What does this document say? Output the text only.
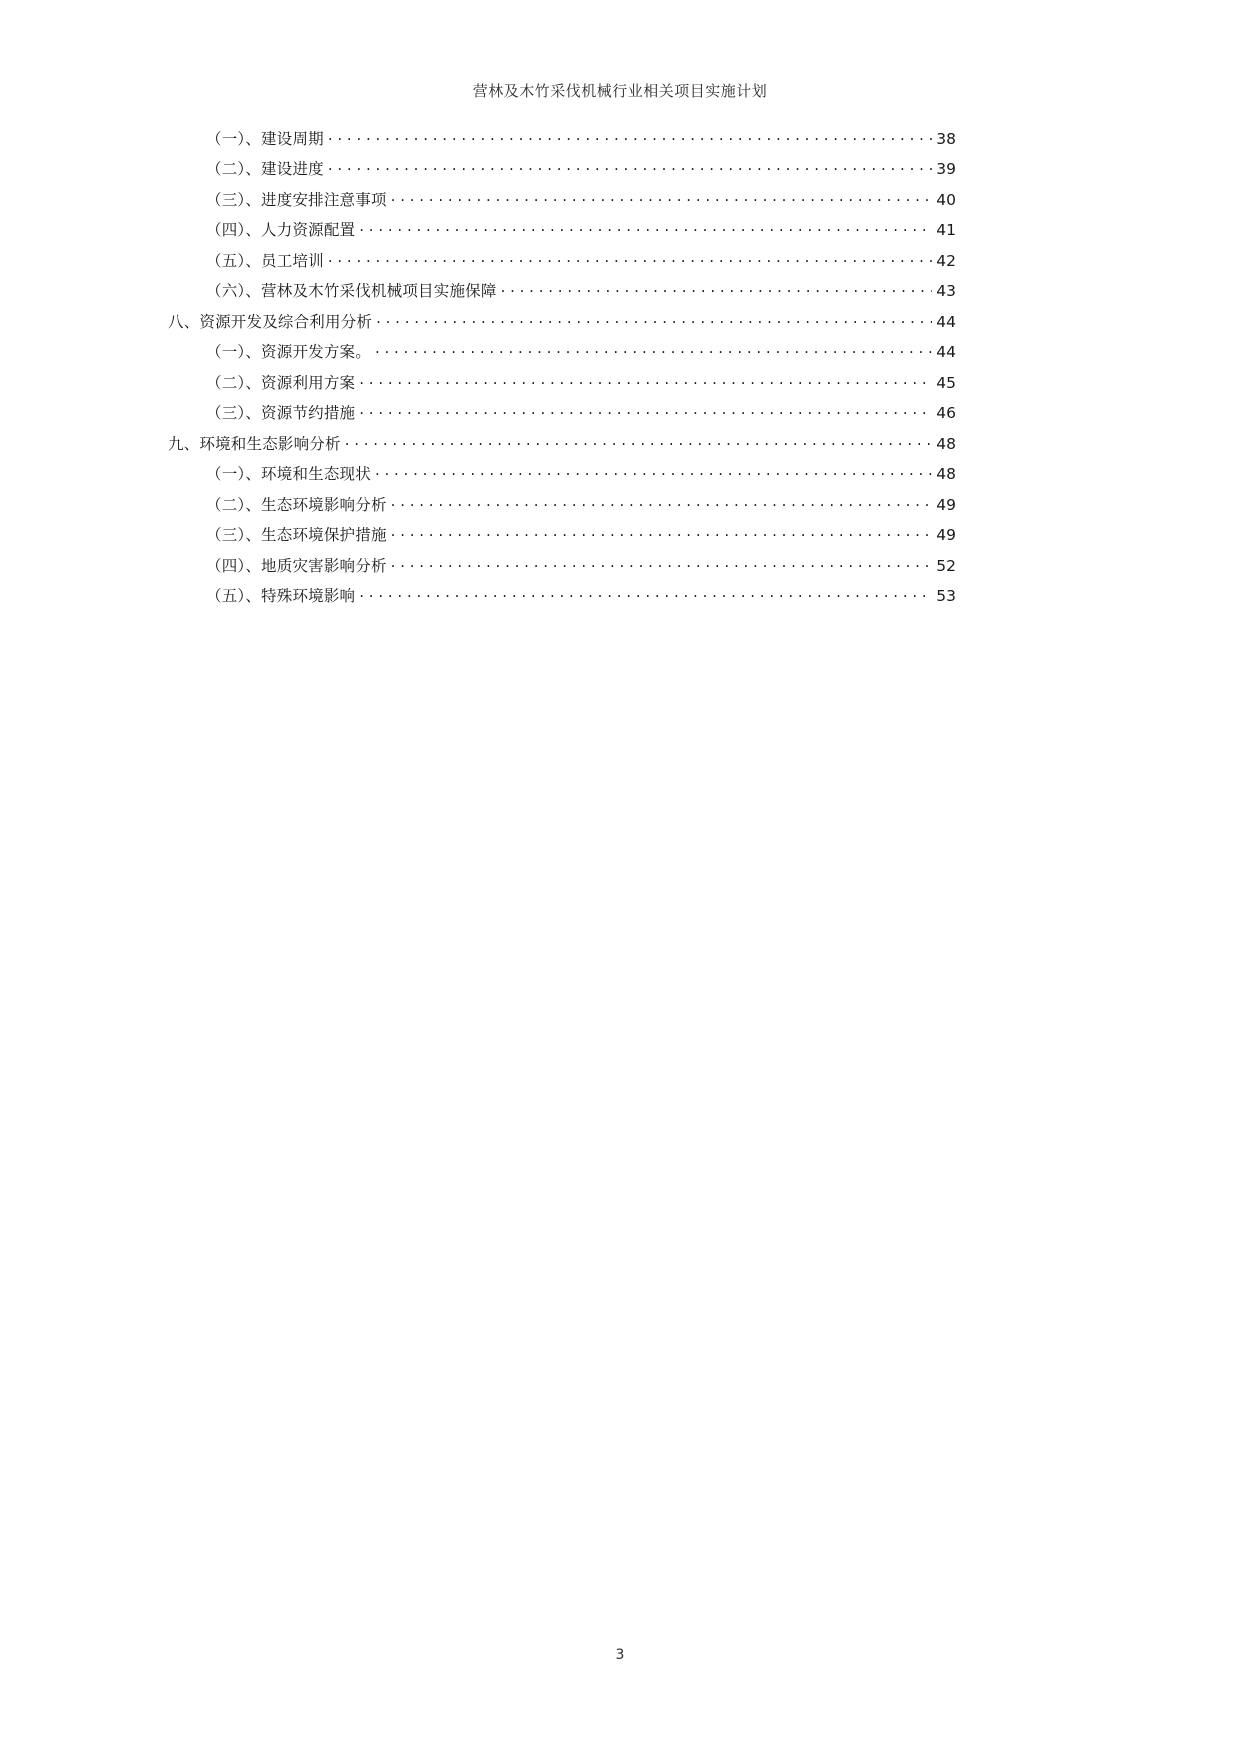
营林及木竹采伐机械行业相关项目实施计划
（一）、建设周期 . . .	38
（二）、建设进度 . . .	39
（三）、进度安排注意事项 . . .	40
（四）、人力资源配置 . . .	41
（五）、员工培训 . . .	42
（六）、营林及木竹采伐机械项目实施保障 . . .	43
八、资源开发及综合利用分析 . . .	44
（一）、资源开发方案。 . . .	44
（二）、资源利用方案 . . .	45
（三）、资源节约措施 . . .	46
九、环境和生态影响分析 . . .	48
（一）、环境和生态现状 . . .	48
（二）、生态环境影响分析 . . .	49
（三）、生态环境保护措施 . . .	49
（四）、地质灾害影响分析 . . .	52
（五）、特殊环境影响 . . .	53
3
